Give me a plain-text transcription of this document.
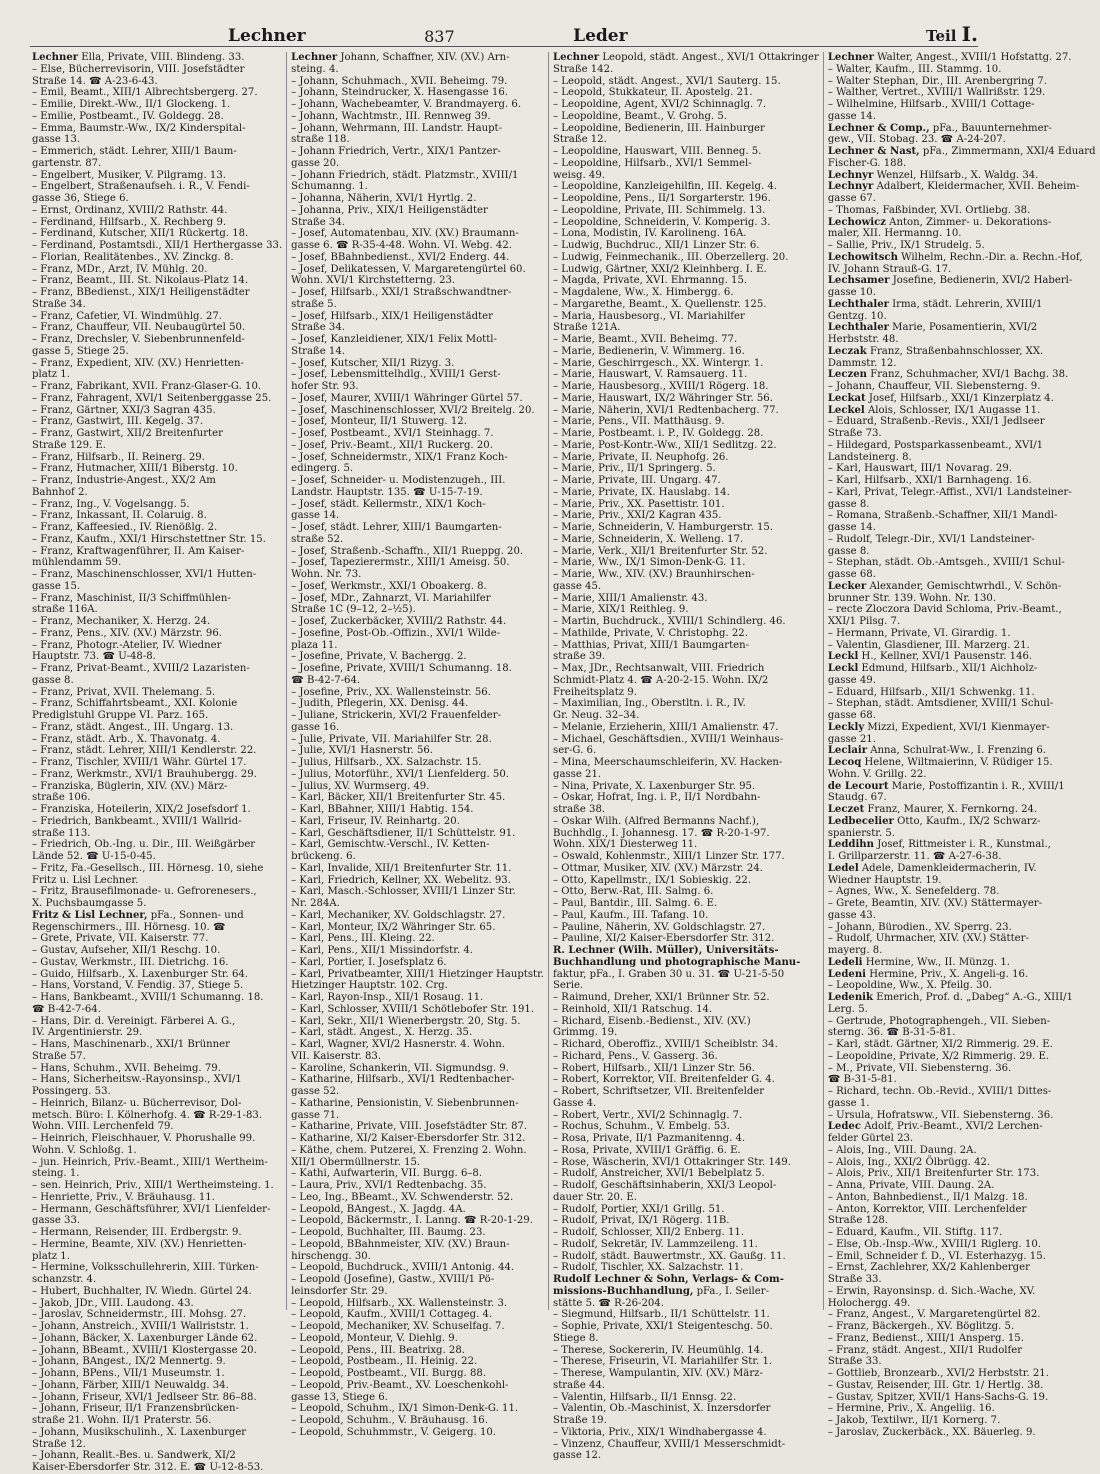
Lechner	837	Leder	Teil I.
Lechner Ella, Private, VIII. Blindeng. 33.
– Else, Bücherrevisorin, VIII. Josefstädter
Straße 14. ☎ A-23-6-43.
– Emil, Beamt., XIII/1 Albrechtsbergerg. 27.
– Emilie, Direkt.-Ww., II/1 Glockeng. 1.
– Emilie, Postbeamt., IV. Goldegg. 28.
– Emma, Baumstr.-Ww., IX/2 Kinderspital-
gasse 13.
– Emmerich, städt. Lehrer, XIII/1 Baum-
gartenstr. 87.
– Engelbert, Musiker, V. Pilgramg. 13.
– Engelbert, Straßenaufseh. i. R., V. Fendi-
gasse 36, Stiege 6.
– Ernst, Ordinanz, XVIII/2 Rathstr. 44.
– Ferdinand, Hilfsarb., X. Rechberg 9.
– Ferdinand, Kutscher, XII/1 Rückertg. 18.
– Ferdinand, Postamtsdi., XII/1 Herthergasse 33.
– Florian, Realitätenbes., XV. Zinckg. 8.
– Franz, MDr., Arzt, IV. Mühlg. 20.
– Franz, Beamt., III. St. Nikolaus-Platz 14.
– Franz, BBedienst., XIX/1 Heiligenstädter
Straße 34.
– Franz, Cafetier, VI. Windmühlg. 27.
– Franz, Chauffeur, VII. Neubaugürtel 50.
– Franz, Drechsler, V. Siebenbrunnenfeld-
gasse 5, Stiege 25.
– Franz, Expedient, XIV. (XV.) Henrietten-
platz 1.
– Franz, Fabrikant, XVII. Franz-Glaser-G. 10.
– Franz, Fahragent, XVI/1 Seitenberggasse 25.
– Franz, Gärtner, XXI/3 Sagran 435.
– Franz, Gastwirt, III. Kegelg. 37.
– Franz, Gastwirt, XII/2 Breitenfurter
Straße 129. E.
– Franz, Hilfsarb., II. Reinerg. 29.
– Franz, Hutmacher, XIII/1 Biberstg. 10.
– Franz, Industrie-Angest., XX/2 Am
Bahnhof 2.
– Franz, Ing., V. Vogelsangg. 5.
– Franz, Inkassant, II. Colaruig. 8.
– Franz, Kaffeesied., IV. Rienößlg. 2.
– Franz, Kaufm., XXI/1 Hirschstettner Str. 15.
– Franz, Kraftwagenführer, II. Am Kaiser-
mühlendamm 59.
– Franz, Maschinenschlosser, XVI/1 Hutten-
gasse 15.
– Franz, Maschinist, II/3 Schiffmühlen-
straße 116A.
– Franz, Mechaniker, X. Herzg. 24.
– Franz, Pens., XIV. (XV.) Märzstr. 96.
– Franz, Photogr.-Atelier, IV. Wiedner
Hauptstr. 73. ☎ U-48-8.
– Franz, Privat-Beamt., XVIII/2 Lazaristen-
gasse 8.
– Franz, Privat, XVII. Thelemang. 5.
– Franz, Schiffahrtsbeamt., XXI. Kolonie
Prediglstuhl Gruppe VI. Parz. 165.
– Franz, städt. Angest., III. Ungarg. 13.
– Franz, städt. Arb., X. Thavonatg. 4.
– Franz, städt. Lehrer, XIII/1 Kendlerstr. 22.
– Franz, Tischler, XVIII/1 Währ. Gürtel 17.
– Franz, Werkmstr., XVI/1 Brauhubergg. 29.
– Franziska, Büglerin, XIV. (XV.) März-
straße 106.
– Franziska, Hoteilerin, XIX/2 Josefsdorf 1.
– Friedrich, Bankbeamt., XVIII/1 Wallrid-
straße 113.
– Friedrich, Ob.-Ing. u. Dir., III. Weißgärber
Lände 52. ☎ U-15-0-45.
– Fritz, Fa.-Gesellsch., III. Hörnesg. 10, siehe
Fritz u. Lisl Lechner.
– Fritz, Brausefilmonade- u. Gefrorenesers.,
X. Puchsbaumgasse 5.
Fritz & Lisl Lechner, pFa., Sonnen- und
Regenschirmers., III. Hörnesg. 10. ☎
– Grete, Private, VII. Kaiserstr. 77.
– Gustav, Aufseher, XII/1 Reschg. 10.
– Gustav, Werkmstr., III. Dietrichg. 16.
– Guido, Hilfsarb., X. Laxenburger Str. 64.
– Hans, Vorstand, V. Fendig. 37, Stiege 5.
– Hans, Bankbeamt., XVIII/1 Schumanng. 18.
☎ B-42-7-64.
– Hans, Dir. d. Vereinigt. Färberei A. G.,
IV. Argentinierstr. 29.
– Hans, Maschinenarb., XXI/1 Brünner
Straße 57.
– Hans, Schuhm., XVII. Beheimg. 79.
– Hans, Sicherheitsw.-Rayonsinsp., XVI/1
Possingerg. 53.
– Heinrich, Bilanz- u. Bücherrevisor, Dol-
metsch. Büro: I. Kölnerhofg. 4. ☎ R-29-1-83.
Wohn. VIII. Lerchenfeld 79.
– Heinrich, Fleischhauer, V. Phorushalle 99.
Wohn. V. Schloßg. 1.
– jun. Heinrich, Priv.-Beamt., XIII/1 Wertheim-
steing. 1.
– sen. Heinrich, Priv., XIII/1 Wertheimsteing. 1.
– Henriette, Priv., V. Bräuhausg. 11.
– Hermann, Geschäftsführer, XVI/1 Lienfelder-
gasse 33.
– Hermann, Reisender, III. Erdbergstr. 9.
– Hermine, Beamte, XIV. (XV.) Henrietten-
platz 1.
– Hermine, Volksschullehrerin, XIII. Türken-
schanzstr. 4.
– Hubert, Buchhalter, IV. Wiedn. Gürtel 24.
– Jakob, JDr., VIII. Laudong. 43.
– Jaroslav, Schneidermstr., III. Mohsg. 27.
– Johann, Anstreich., XVIII/1 Wallriststr. 1.
– Johann, Bäcker, X. Laxenburger Lände 62.
– Johann, BBeamt., XVIII/1 Klostergasse 20.
– Johann, BAngest., IX/2 Mennertg. 9.
– Johann, BPens., VII/1 Museumstr. 1.
– Johann, Färber, XIII/1 Neuwaldg. 34.
– Johann, Friseur, XVI/1 Jedlseer Str. 86–88.
– Johann, Friseur, II/1 Franzensbrücken-
straße 21. Wohn. II/1 Praterstr. 56.
– Johann, Musikschulinh., X. Laxenburger
Straße 12.
– Johann, Realit.-Bes. u. Sandwerk, XI/2
Kaiser-Ebersdorfer Str. 312. E. ☎ U-12-8-53.
Lechner Johann, Schaffner, XIV. (XV.) Arn-
steing. 4.
– Johann, Schuhmach., XVII. Beheimg. 79.
– Johann, Steindrucker, X. Hasengasse 16.
– Johann, Wachebeamter, V. Brandmayerg. 6.
– Johann, Wachtmstr., III. Rennweg 39.
– Johann, Wehrmann, III. Landstr. Haupt-
straße 118.
– Johann Friedrich, Vertr., XIX/1 Pantzer-
gasse 20.
– Johann Friedrich, städt. Platzmstr., XVIII/1
Schumanng. 1.
– Johanna, Näherin, XVI/1 Hyrtlg. 2.
– Johanna, Priv., XIX/1 Heiligenstädter
Straße 34.
– Josef, Automatenbau, XIV. (XV.) Braumann-
gasse 6. ☎ R-35-4-48. Wohn. VI. Webg. 42.
– Josef, BBahnbedienst., XVI/2 Enderg. 44.
– Josef, Delikatessen, V. Margaretengürtel 60.
Wohn. XVI/1 Kirchstetterng. 23.
– Josef, Hilfsarb., XXI/1 Straßschwandtner-
straße 5.
– Josef, Hilfsarb., XIX/1 Heiligenstädter
Straße 34.
– Josef, Kanzleidiener, XIX/1 Felix Mottl-
Straße 14.
– Josef, Kutscher, XII/1 Rizyg. 3.
– Josef, Lebensmittelhdlg., XVIII/1 Gerst-
hofer Str. 93.
– Josef, Maurer, XVIII/1 Währinger Gürtel 57.
– Josef, Maschinenschlosser, XVI/2 Breitelg. 20.
– Josef, Monteur, II/1 Stuwerg. 12.
– Josef, Postbeamt., XVI/1 Steinhagg. 7.
– Josef, Priv.-Beamt., XII/1 Ruckerg. 20.
– Josef, Schneidermstr., XIX/1 Franz Koch-
edingerg. 5.
– Josef, Schneider- u. Modistenzugeh., III.
Landstr. Hauptstr. 135. ☎ U-15-7-19.
– Josef, städt. Kellermstr., XIX/1 Koch-
gasse 14.
– Josef, städt. Lehrer, XIII/1 Baumgarten-
straße 52.
– Josef, Straßenb.-Schaffn., XII/1 Rueppg. 20.
– Josef, Tapezierermstr., XIII/1 Ameisg. 50.
Wohn. Nr. 73.
– Josef, Werkmstr., XXI/1 Oboakerg. 8.
– Josef, MDr., Zahnarzt, VI. Mariahilfer
Straße 1C (9–12, 2–½5).
– Josef, Zuckerbäcker, XVIII/2 Rathstr. 44.
– Josefine, Post-Ob.-Offizin., XVI/1 Wilde-
plaza 11.
– Josefine, Private, V. Bachergg. 2.
– Josefine, Private, XVIII/1 Schumanng. 18.
☎ B-42-7-64.
– Josefine, Priv., XX. Wallensteinstr. 56.
– Judith, Pflegerin, XX. Denisg. 44.
– Juliane, Strickerin, XVI/2 Frauenfelder-
gasse 16.
– Julie, Private, VII. Mariahilfer Str. 28.
– Julie, XVI/1 Hasnerstr. 56.
– Julius, Hilfsarb., XX. Salzachstr. 15.
– Julius, Motorführ., XVI/1 Lienfelderg. 50.
– Julius, XV. Wurmserg. 49.
– Karl, Bäcker, XII/1 Breitenfurter Str. 45.
– Karl, BBahner, XIII/1 Habtig. 154.
– Karl, Friseur, IV. Reinhartg. 20.
– Karl, Geschäftsdiener, II/1 Schüttelstr. 91.
– Karl, Gemischtw.-Verschl., IV. Ketten-
brückeng. 6.
– Karl, Invalide, XII/1 Breitenfurter Str. 11.
– Karl, Friedrich, Kellner, XX. Webelitz. 93.
– Karl, Masch.-Schlosser, XVIII/1 Linzer Str.
Nr. 284A.
– Karl, Mechaniker, XV. Goldschlagstr. 27.
– Karl, Monteur, IX/2 Währinger Str. 65.
– Karl, Pens., III. Kleing. 22.
– Karl, Pens., XII/1 Missindorfstr. 4.
– Karl, Portier, I. Josefsplatz 6.
– Karl, Privatbeamter, XIII/1 Hietzinger Hauptstr.
Hietzinger Hauptstr. 102. Crg.
– Karl, Rayon-Insp., XII/1 Rosaug. 11.
– Karl, Schlosser, XVIII/1 Schötlebofer Str. 191.
– Karl, Sekr., XII/1 Wienerbergstr. 20, Stg. 5.
– Karl, städt. Angest., X. Herzg. 35.
– Karl, Wagner, XVI/2 Hasnerstr. 4. Wohn.
VII. Kaiserstr. 83.
– Karoline, Schankerin, VII. Sigmundsg. 9.
– Katharine, Hilfsarb., XVI/1 Redtenbacher-
gasse 52.
– Katharine, Pensionistin, V. Siebenbrunnen-
gasse 71.
– Katharine, Private, VIII. Josefstädter Str. 87.
– Katharine, XI/2 Kaiser-Ebersdorfer Str. 312.
– Käthe, chem. Putzerei, X. Frenzing 2. Wohn.
XII/1 Obermüllnerstr. 15.
– Kathi, Aufwarterin, VII. Burgg. 6–8.
– Laura, Priv., XVI/1 Redtenbachg. 35.
– Leo, Ing., BBeamt., XV. Schwenderstr. 52.
– Leopold, BAngest., X. Jagdg. 4A.
– Leopold, Bäckermstr., I. Lanng. ☎ R-20-1-29.
– Leopold, Buchhalter, III. Baumg. 23.
– Leopold, BBahnmeister, XIV. (XV.) Braun-
hirschengg. 30.
– Leopold, Buchdruck., XVIII/1 Antonig. 44.
– Leopold (Josefine), Gastw., XVIII/1 Pö-
leinsdorfer Str. 29.
– Leopold, Hilfsarb., XX. Wallensteinstr. 3.
– Leopold, Kaufm., XVIII/1 Cottageg. 4.
– Leopold, Mechaniker, XV. Schuselfag. 7.
– Leopold, Monteur, V. Diehlg. 9.
– Leopold, Pens., III. Beatrixg. 28.
– Leopold, Postbeam., II. Heinig. 22.
– Leopold, Postbeamt., VII. Burgg. 88.
– Leopold, Priv.-Beamt., XV. Loeschenkohl-
gasse 13, Stiege 6.
– Leopold, Schuhm., IX/1 Simon-Denk-G. 11.
– Leopold, Schuhm., V. Bräuhausg. 16.
– Leopold, Schuhmmstr., V. Geigerg. 10.
Lechner Leopold, städt. Angest., XVI/1 Ottakringer
Straße 142.
– Leopold, städt. Angest., XVI/1 Sauterg. 15.
– Leopold, Stukkateur, II. Apostelg. 21.
– Leopoldine, Agent, XVI/2 Schinnaglg. 7.
– Leopoldine, Beamt., V. Grohg. 5.
– Leopoldine, Bedienerin, III. Hainburger
Straße 12.
– Leopoldine, Hauswart, VIII. Benneg. 5.
– Leopoldine, Hilfsarb., XVI/1 Semmel-
weisg. 49.
– Leopoldine, Kanzleigehilfin, III. Kegelg. 4.
– Leopoldine, Pens., II/1 Sorgarterstr. 196.
– Leopoldine, Private, III. Schimmelg. 13.
– Leopoldine, Schneiderin, V. Komperig. 3.
– Lona, Modistin, IV. Karolineng. 16A.
– Ludwig, Buchdruc., XII/1 Linzer Str. 6.
– Ludwig, Feinmechanik., III. Oberzellerg. 20.
– Ludwig, Gärtner, XXI/2 Kleinhberg. I. E.
– Magda, Private, XVI. Ehrmanng. 15.
– Magdalene, Ww., X. Himbergg. 6.
– Margarethe, Beamt., X. Quellenstr. 125.
– Maria, Hausbesorg., VI. Mariahilfer
Straße 121A.
– Marie, Beamt., XVII. Beheimg. 77.
– Marie, Bedienerin, V. Wimmerg. 16.
– Marie, Geschirrgesch., XX. Wintergr. 1.
– Marie, Hauswart, V. Ramsauerg. 11.
– Marie, Hausbesorg., XVIII/1 Rögerg. 18.
– Marie, Hauswart, IX/2 Währinger Str. 56.
– Marie, Näherin, XVI/1 Redtenbacherg. 77.
– Marie, Pens., VII. Matthäusg. 9.
– Marie, Postbeamt. i. P., IV. Goldegg. 28.
– Marie, Post-Kontr.-Ww., XII/1 Sedlitzg. 22.
– Marie, Private, II. Neuphofg. 26.
– Marie, Priv., II/1 Springerg. 5.
– Marie, Private, III. Ungarg. 47.
– Marie, Private, IX. Hauslabg. 14.
– Marie, Priv., XX. Pasettistr. 101.
– Marie, Priv., XXI/2 Kagran 435.
– Marie, Schneiderin, V. Hamburgerstr. 15.
– Marie, Schneiderin, X. Welleng. 17.
– Marie, Verk., XII/1 Breitenfurter Str. 52.
– Marie, Ww., IX/1 Simon-Denk-G. 11.
– Marie, Ww., XIV. (XV.) Braunhirschen-
gasse 45.
– Marie, XIII/1 Amalienstr. 43.
– Marie, XIX/1 Reithleg. 9.
– Martin, Buchdruck., XVIII/1 Schindlerg. 46.
– Mathilde, Private, V. Christophg. 22.
– Matthias, Privat, XIII/1 Baumgarten-
straße 39.
– Max, JDr., Rechtsanwalt, VIII. Friedrich
Schmidt-Platz 4. ☎ A-20-2-15. Wohn. IX/2
Freiheitsplatz 9.
– Maximilian, Ing., Oberstltn. i. R., IV.
Gr. Neug. 32–34.
– Melanie, Erzieherin, XIII/1 Amalienstr. 47.
– Michael, Geschäftsdien., XVIII/1 Weinhaus-
ser-G. 6.
– Mina, Meerschaumschleiferin, XV. Hacken-
gasse 21.
– Nina, Private, X. Laxenburger Str. 95.
– Oskar, Hofrat, Ing. i. P., II/1 Nordbahn-
straße 38.
– Oskar Wilh. (Alfred Bermanns Nachf.),
Buchhdlg., I. Johannesg. 17. ☎ R-20-1-97.
Wohn. XIX/1 Diesterweg 11.
– Oswald, Kohlenmstr., XIII/1 Linzer Str. 177.
– Ottmar, Musiker, XIV. (XV.) Märzstr. 24.
– Otto, Kapellmstr., IX/1 Sobieskig. 22.
– Otto, Berw.-Rat, III. Salmg. 6.
– Paul, Bantdir., III. Salmg. 6. E.
– Paul, Kaufm., III. Tafang. 10.
– Pauline, Näherin, XV. Goldschlagstr. 27.
– Pauline, XI/2 Kaiser-Ebersdorfer Str. 312.
R. Lechner (Wilh. Müller), Universitäts-
Buchhandlung und photographische Manu-
faktur, pFa., I. Graben 30 u. 31. ☎ U-21-5-50
Serie.
– Raimund, Dreher, XXI/1 Brünner Str. 52.
– Reinhold, XII/1 Ratschug. 14.
– Richard, Eisenb.-Bedienst., XIV. (XV.)
Grimmg. 19.
– Richard, Oberoffiz., XVIII/1 Scheiblstr. 34.
– Richard, Pens., V. Gasserg. 36.
– Robert, Hilfsarb., XII/1 Linzer Str. 56.
– Robert, Korrektor, VII. Breitenfelder G. 4.
– Robert, Schriftsetzer, VII. Breitenfelder
Gasse 4.
– Robert, Vertr., XVI/2 Schinnaglg. 7.
– Rochus, Schuhm., V. Embelg. 53.
– Rosa, Private, II/1 Pazmanitenng. 4.
– Rosa, Private, XVIII/1 Gräffig. 6. E.
– Rose, Wäscherin, XVI/1 Ottakringer Str. 149.
– Rudolf, Anstreicher, XVI/1 Bebelplatz 5.
– Rudolf, Geschäftsinhaberin, XXI/3 Leopol-
dauer Str. 20. E.
– Rudolf, Portier, XXI/1 Grillg. 51.
– Rudolf, Privat, IX/1 Rögerg. 11B.
– Rudolf, Schlosser, XII/2 Enberg. 11.
– Rudolf, Sekretär, IV. Lammzeileng. 11.
– Rudolf, städt. Bauwertmstr., XX. Gaußg. 11.
– Rudolf, Tischler, XX. Salzachstr. 11.
Rudolf Lechner & Sohn, Verlags- & Com-
missions-Buchhandlung, pFa., I. Seiler-
stätte 5. ☎ R-26-204.
– Siegmund, Hilfsarb., II/1 Schüttelstr. 11.
– Sophie, Private, XXI/1 Steigenteschg. 50.
Stiege 8.
– Therese, Sockererin, IV. Heumühlg. 14.
– Therese, Friseurin, VI. Mariahilfer Str. 1.
– Therese, Wampulantin, XIV. (XV.) März-
straße 44.
– Valentin, Hilfsarb., II/1 Ennsg. 22.
– Valentin, Ob.-Maschinist, X. Inzersdorfer
Straße 19.
– Viktoria, Priv., XIX/1 Windhabergasse 4.
– Vinzenz, Chauffeur, XVIII/1 Messerschmidt-
gasse 12.
Lechner Walter, Angest., XVIII/1 Hofstattg. 27.
– Walter, Kaufm., III. Stammg. 10.
– Walter Stephan, Dir., III. Arenbergring 7.
– Walther, Vertret., XVIII/1 Wallrißstr. 129.
– Wilhelmine, Hilfsarb., XVIII/1 Cottage-
gasse 14.
Lechner & Comp., pFa., Bauunternehmer-
gew., VII. Stobag. 23. ☎ A-24-207.
Lechner & Nast, pFa., Zimmermann, XXI/4 Eduard
Fischer-G. 188.
Lechnyr Wenzel, Hilfsarb., X. Waldg. 34.
Lechnyr Adalbert, Kleidermacher, XVII. Beheim-
gasse 67.
– Thomas, Faßbinder, XVI. Ortliebg. 38.
Lechowicz Anton, Zimmer- u. Dekorations-
maler, XII. Hermanng. 10.
– Sallie, Priv., IX/1 Strudelg. 5.
Lechowitsch Wilhelm, Rechn.-Dir. a. Rechn.-Hof,
IV. Johann Strauß-G. 17.
Lechsamer Josefine, Bedienerin, XVI/2 Haberl-
gasse 10.
Lechthaler Irma, städt. Lehrerin, XVIII/1
Gentzg. 10.
Lechthaler Marie, Posamentierin, XVI/2
Herbststr. 48.
Leczak Franz, Straßenbahnschlosser, XX.
Dammstr. 12.
Leczen Franz, Schuhmacher, XVI/1 Bachg. 38.
– Johann, Chauffeur, VII. Siebensterng. 9.
Leckat Josef, Hilfsarb., XXI/1 Kinzerplatz 4.
Leckel Alois, Schlosser, IX/1 Augasse 11.
– Eduard, Straßenb.-Revis., XXI/1 Jedlseer
Straße 73.
– Hildegard, Postsparkassenbeamt., XVI/1
Landsteinerg. 8.
– Karl, Hauswart, III/1 Novarag. 29.
– Karl, Hilfsarb., XXI/1 Barnhageng. 16.
– Karl, Privat, Telegr.-Affist., XVI/1 Landsteiner-
gasse 8.
– Romana, Straßenb.-Schaffner, XII/1 Mandl-
gasse 14.
– Rudolf, Telegr.-Dir., XVI/1 Landsteiner-
gasse 8.
– Stephan, städt. Ob.-Amtsgeh., XVIII/1 Schul-
gasse 68.
Lecker Alexander, Gemischtwrhdl., V. Schön-
brunner Str. 139. Wohn. Nr. 130.
– recte Zloczora David Schloma, Priv.-Beamt.,
XXI/1 Pilsg. 7.
– Hermann, Private, VI. Girardig. 1.
– Valentin, Glasdiener, III. Marzerg. 21.
Leckl H., Kellner, XVI/1 Pausenstr. 146.
Leckl Edmund, Hilfsarb., XII/1 Aichholz-
gasse 49.
– Eduard, Hilfsarb., XII/1 Schwenkg. 11.
– Stephan, städt. Amtsdiener, XVIII/1 Schul-
gasse 68.
Leckly Mizzi, Expedient, XVI/1 Kienmayer-
gasse 21.
Leclair Anna, Schulrat-Ww., I. Frenzing 6.
Lecoq Helene, Wiltmaierinn, V. Rüdiger 15.
Wohn. V. Grillg. 22.
de Lecourt Marie, Postoffizantin i. R., XVIII/1
Staudg. 67.
Leczet Franz, Maurer, X. Fernkorng. 24.
Ledbecelier Otto, Kaufm., IX/2 Schwarz-
spanierstr. 5.
Leddihn Josef, Rittmeister i. R., Kunstmal.,
I. Grillparzerstr. 11. ☎ A-27-6-38.
Ledel Adele, Damenkleidermacherin, IV.
Wiedner Hauptstr. 19.
– Agnes, Ww., X. Senefelderg. 78.
– Grete, Beamtin, XIV. (XV.) Stättermayer-
gasse 43.
– Johann, Bürodien., XV. Sperrg. 23.
– Rudolf, Uhrmacher, XIV. (XV.) Stätter-
mayerg. 8.
Ledeli Hermine, Ww., II. Münzg. 1.
Ledeni Hermine, Priv., X. Angeli-g. 16.
– Leopoldine, Ww., X. Pfeilg. 30.
Ledenik Emerich, Prof. d. „Dabeg“ A.-G., XIII/1
Lerg. 5.
– Gertrude, Photographengeh., VII. Sieben-
sterng. 36. ☎ B-31-5-81.
– Karl, städt. Gärtner, XI/2 Rimmerig. 29. E.
– Leopoldine, Private, X/2 Rimmerig. 29. E.
– M., Private, VII. Siebensterng. 36.
☎ B-31-5-81.
– Richard, techn. Ob.-Revid., XVIII/1 Dittes-
gasse 1.
– Ursula, Hofratsww., VII. Siebensterng. 36.
Ledec Adolf, Priv.-Beamt., XVI/2 Lerchen-
felder Gürtel 23.
– Alois, Ing., VIII. Daung. 2A.
– Alois, Ing., XXI/2 Ölbrügg. 42.
– Alois, Priv., XII/1 Breitenfurter Str. 173.
– Anna, Private, VIII. Daung. 2A.
– Anton, Bahnbedienst., II/1 Malzg. 18.
– Anton, Korrektor, VIII. Lerchenfelder
Straße 128.
– Eduard, Kaufm., VII. Stiftg. 117.
– Else, Ob.-Insp.-Ww., XVIII/1 Riglerg. 10.
– Emil, Schneider f. D., VI. Esterhazyg. 15.
– Ernst, Zachlehrer, XX/2 Kahlenberger
Straße 33.
– Erwin, Rayonsinsp. d. Sich.-Wache, XV.
Holochergg. 49.
– Franz, Angest., V. Margaretengürtel 82.
– Franz, Bäckergeh., XV. Böglitzg. 5.
– Franz, Bedienst., XIII/1 Ansperg. 15.
– Franz, städt. Angest., XII/1 Rudolfer
Straße 33.
– Gottlieb, Bronzearb., XVI/2 Herbststr. 21.
– Gustav, Reisender, III. Gtr. 1/ Hertlg. 38.
– Gustav, Spitzer, XVII/1 Hans-Sachs-G. 19.
– Hermine, Priv., X. Angeliig. 16.
– Jakob, Textilwr., II/1 Kornerg. 7.
– Jaroslav, Zuckerbäck., XX. Bäuerleg. 9.
